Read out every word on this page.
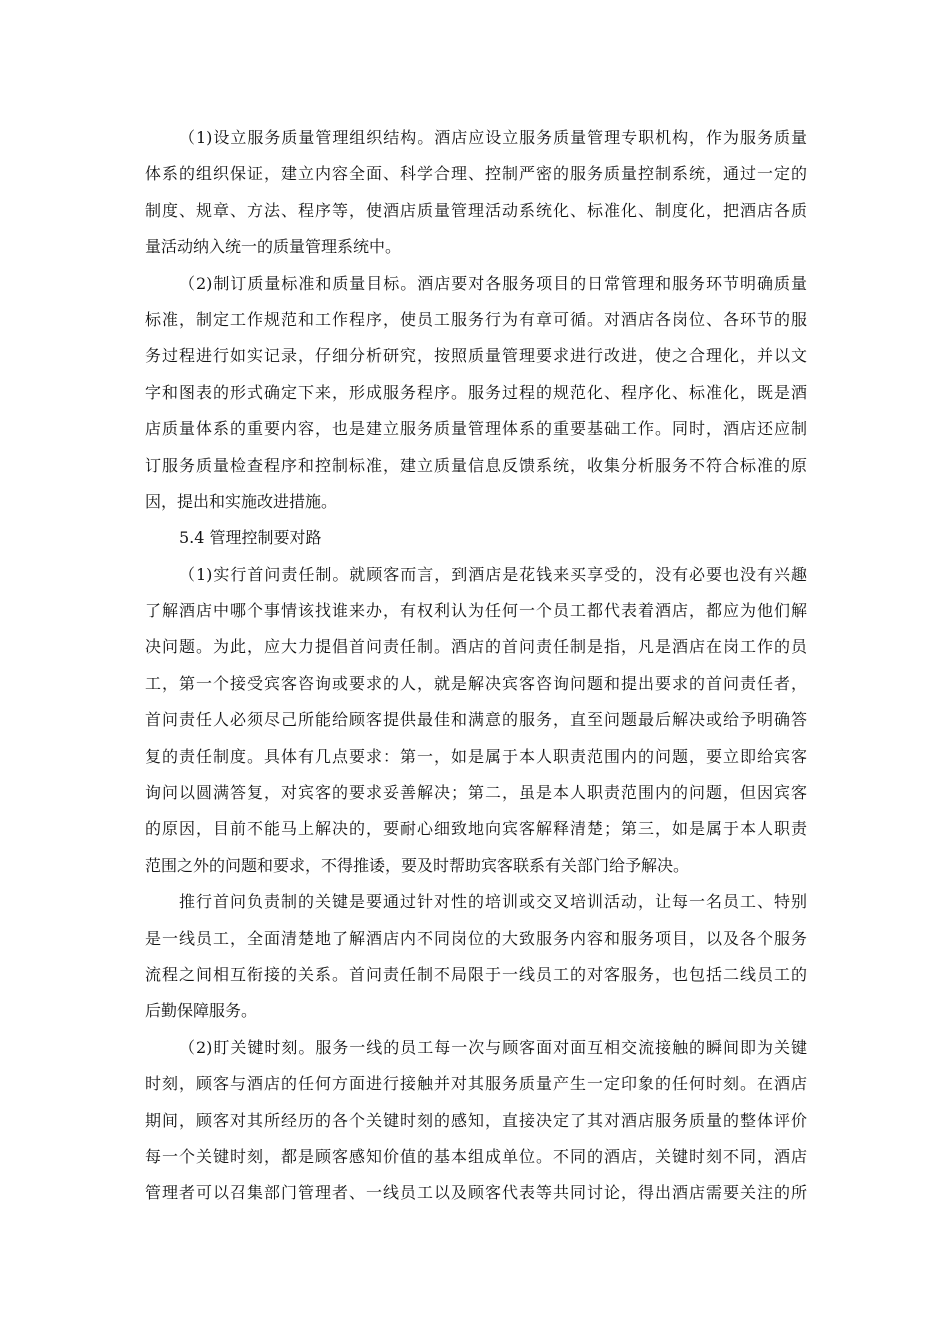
（1)设立服务质量管理组织结构。酒店应设立服务质量管理专职机构，作为服务质量
体系的组织保证，建立内容全面、科学合理、控制严密的服务质量控制系统，通过一定的
制度、规章、方法、程序等，使酒店质量管理活动系统化、标准化、制度化，把酒店各质
量活动纳入统一的质量管理系统中。
（2)制订质量标准和质量目标。酒店要对各服务项目的日常管理和服务环节明确质量
标准，制定工作规范和工作程序，使员工服务行为有章可循。对酒店各岗位、各环节的服
务过程进行如实记录，仔细分析研究，按照质量管理要求进行改进，使之合理化，并以文
字和图表的形式确定下来，形成服务程序。服务过程的规范化、程序化、标准化，既是酒
店质量体系的重要内容，也是建立服务质量管理体系的重要基础工作。同时，酒店还应制
订服务质量检查程序和控制标准，建立质量信息反馈系统，收集分析服务不符合标准的原
因，提出和实施改进措施。
5.4 管理控制要对路
（1)实行首问责任制。就顾客而言，到酒店是花钱来买享受的，没有必要也没有兴趣
了解酒店中哪个事情该找谁来办，有权利认为任何一个员工都代表着酒店，都应为他们解
决问题。为此，应大力提倡首问责任制。酒店的首问责任制是指，凡是酒店在岗工作的员
工，第一个接受宾客咨询或要求的人，就是解决宾客咨询问题和提出要求的首问责任者，
首问责任人必须尽己所能给顾客提供最佳和满意的服务，直至问题最后解决或给予明确答
复的责任制度。具体有几点要求：第一，如是属于本人职责范围内的问题，要立即给宾客
询问以圆满答复，对宾客的要求妥善解决；第二，虽是本人职责范围内的问题，但因宾客
的原因，目前不能马上解决的，要耐心细致地向宾客解释清楚；第三，如是属于本人职责
范围之外的问题和要求，不得推诿，要及时帮助宾客联系有关部门给予解决。
推行首问负责制的关键是要通过针对性的培训或交叉培训活动，让每一名员工、特别
是一线员工，全面清楚地了解酒店内不同岗位的大致服务内容和服务项目，以及各个服务
流程之间相互衔接的关系。首问责任制不局限于一线员工的对客服务，也包括二线员工的
后勤保障服务。
（2)盯关键时刻。服务一线的员工每一次与顾客面对面互相交流接触的瞬间即为关键
时刻，顾客与酒店的任何方面进行接触并对其服务质量产生一定印象的任何时刻。在酒店
期间，顾客对其所经历的各个关键时刻的感知，直接决定了其对酒店服务质量的整体评价
每一个关键时刻，都是顾客感知价值的基本组成单位。不同的酒店，关键时刻不同，酒店
管理者可以召集部门管理者、一线员工以及顾客代表等共同讨论，得出酒店需要关注的所
